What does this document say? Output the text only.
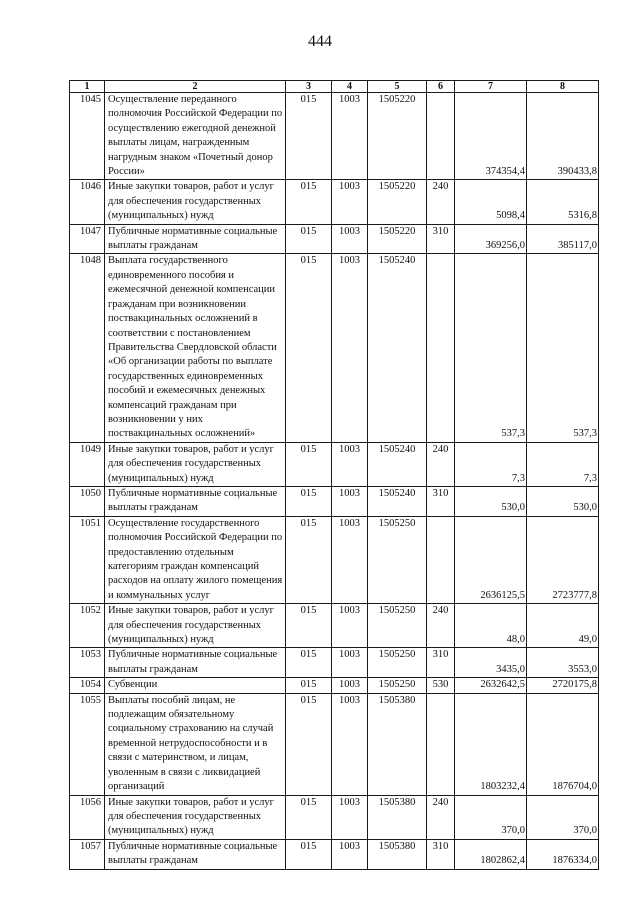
444
1	2	3	4	5	6	7	8
1045	Осуществление переданного полномочия Российской Федерации по осуществлению ежегодной денежной выплаты лицам, награжденным нагрудным знаком «Почетный донор России»	015	1003	1505220		374354,4	390433,8
1046	Иные закупки товаров, работ и услуг для обеспечения государственных (муниципальных) нужд	015	1003	1505220	240	5098,4	5316,8
1047	Публичные нормативные социальные выплаты гражданам	015	1003	1505220	310	369256,0	385117,0
1048	Выплата государственного единовременного пособия и ежемесячной денежной компенсации гражданам при возникновении поствакцинальных осложнений в соответствии с постановлением Правительства Свердловской области «Об организации работы по выплате государственных единовременных пособий и ежемесячных денежных компенсаций гражданам при возникновении у них поствакцинальных осложнений»	015	1003	1505240		537,3	537,3
1049	Иные закупки товаров, работ и услуг для обеспечения государственных (муниципальных) нужд	015	1003	1505240	240	7,3	7,3
1050	Публичные нормативные социальные выплаты гражданам	015	1003	1505240	310	530,0	530,0
1051	Осуществление государственного полномочия Российской Федерации по предоставлению отдельным категориям граждан компенсаций расходов на оплату жилого помещения и коммунальных услуг	015	1003	1505250		2636125,5	2723777,8
1052	Иные закупки товаров, работ и услуг для обеспечения государственных (муниципальных) нужд	015	1003	1505250	240	48,0	49,0
1053	Публичные нормативные социальные выплаты гражданам	015	1003	1505250	310	3435,0	3553,0
1054	Субвенции	015	1003	1505250	530	2632642,5	2720175,8
1055	Выплаты пособий лицам, не подлежащим обязательному социальному страхованию на случай временной нетрудоспособности и в связи с материнством, и лицам, уволенным в связи с ликвидацией организаций	015	1003	1505380		1803232,4	1876704,0
1056	Иные закупки товаров, работ и услуг для обеспечения государственных (муниципальных) нужд	015	1003	1505380	240	370,0	370,0
1057	Публичные нормативные социальные выплаты гражданам	015	1003	1505380	310	1802862,4	1876334,0
